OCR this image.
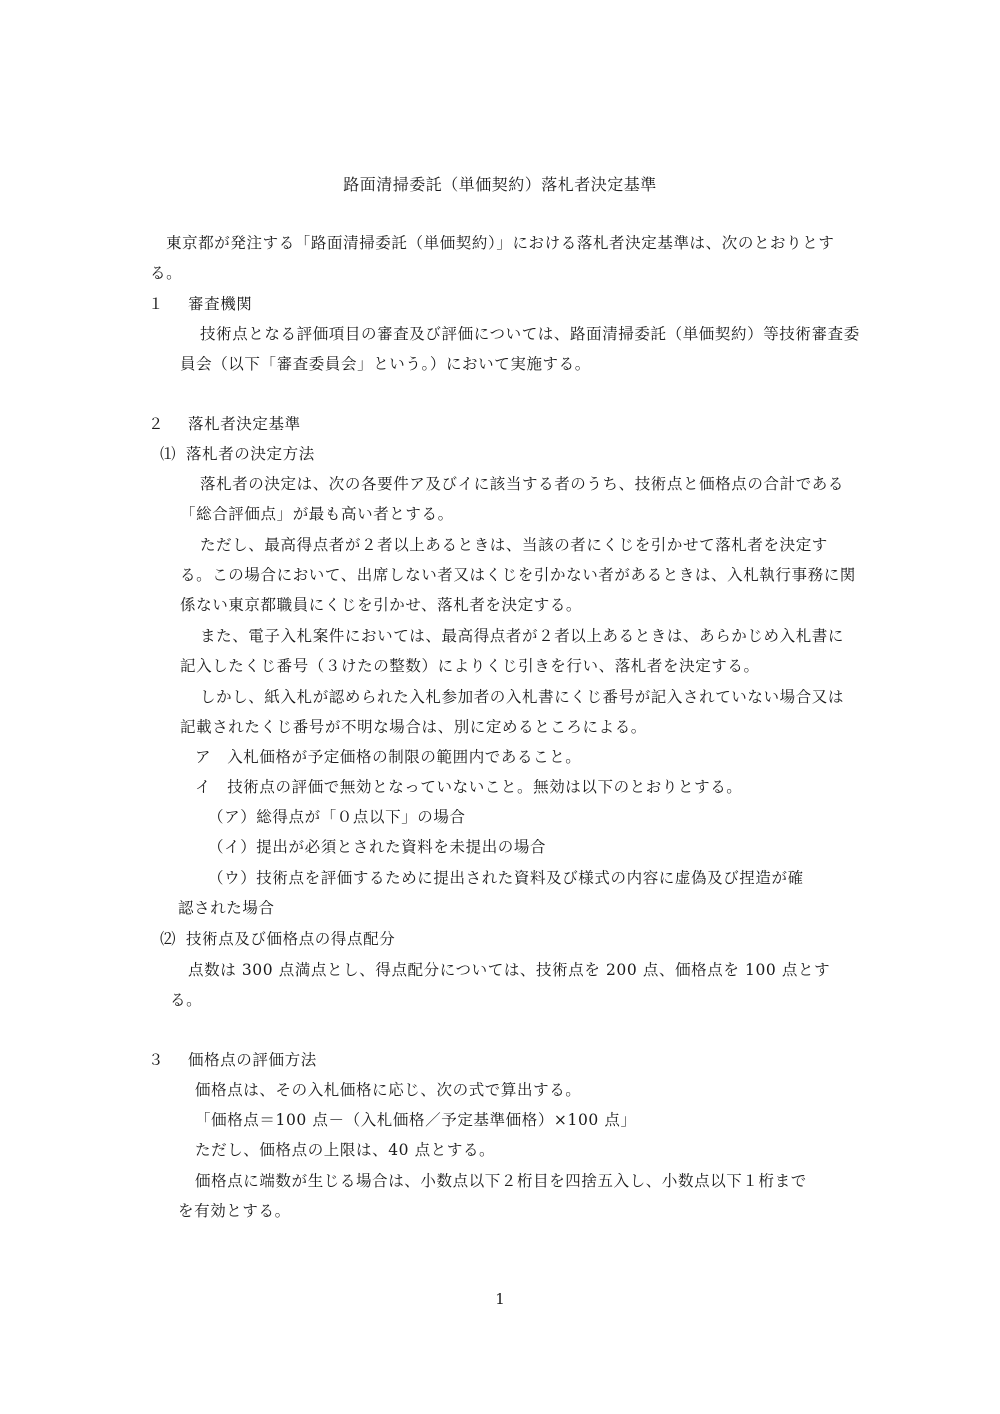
路面清掃委託（単価契約）落札者決定基準
東京都が発注する「路面清掃委託（単価契約）」における落札者決定基準は、次のとおりとする。
１ 審査機関
技術点となる評価項目の審査及び評価については、路面清掃委託（単価契約）等技術審査委員会（以下「審査委員会」という。）において実施する。
２ 落札者決定基準
⑴ 落札者の決定方法
落札者の決定は、次の各要件ア及びイに該当する者のうち、技術点と価格点の合計である「総合評価点」が最も高い者とする。
ただし、最高得点者が２者以上あるときは、当該の者にくじを引かせて落札者を決定する。この場合において、出席しない者又はくじを引かない者があるときは、入札執行事務に関係ない東京都職員にくじを引かせ、落札者を決定する。
また、電子入札案件においては、最高得点者が２者以上あるときは、あらかじめ入札書に記入したくじ番号（３けたの整数）によりくじ引きを行い、落札者を決定する。
しかし、紙入札が認められた入札参加者の入札書にくじ番号が記入されていない場合又は記載されたくじ番号が不明な場合は、別に定めるところによる。
ア　入札価格が予定価格の制限の範囲内であること。
イ　技術点の評価で無効となっていないこと。無効は以下のとおりとする。
（ア）総得点が「０点以下」の場合
（イ）提出が必須とされた資料を未提出の場合
（ウ）技術点を評価するために提出された資料及び様式の内容に虚偽及び捏造が確
認された場合
⑵ 技術点及び価格点の得点配分
点数は 300 点満点とし、得点配分については、技術点を 200 点、価格点を 100 点とす
る。
３ 価格点の評価方法
価格点は、その入札価格に応じ、次の式で算出する。
「価格点＝100 点－（入札価格／予定基準価格）×100 点」
ただし、価格点の上限は、40 点とする。
価格点に端数が生じる場合は、小数点以下２桁目を四捨五入し、小数点以下１桁まで
を有効とする。
1
